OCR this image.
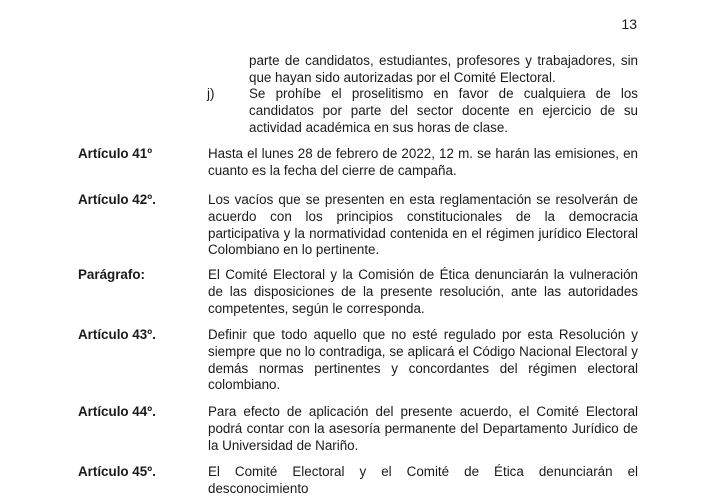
13
parte de candidatos, estudiantes, profesores y trabajadores, sin que hayan sido autorizadas por el Comité Electoral.
j)	Se prohíbe el proselitismo en favor de cualquiera de los candidatos por parte del sector docente en ejercicio de su actividad académica en sus horas de clase.
Artículo 41º	Hasta el lunes 28 de febrero de 2022, 12 m. se harán las emisiones, en cuanto es la fecha del cierre de campaña.
Artículo 42º.	Los vacíos que se presenten en esta reglamentación se resolverán de acuerdo con los principios constitucionales de la democracia participativa y la normatividad contenida en el régimen jurídico Electoral Colombiano en lo pertinente.
Parágrafo:	El Comité Electoral y la Comisión de Ética denunciarán la vulneración de las disposiciones de la presente resolución, ante las autoridades competentes, según le corresponda.
Artículo 43º.	Definir que todo aquello que no esté regulado por esta Resolución y siempre que no lo contradiga, se aplicará el Código Nacional Electoral y demás normas pertinentes y concordantes del régimen electoral colombiano.
Artículo 44º.	Para efecto de aplicación del presente acuerdo, el Comité Electoral podrá contar con la asesoría permanente del Departamento Jurídico de la Universidad de Nariño.
Artículo 45º.	El Comité Electoral y el Comité de Ética denunciarán el desconocimiento
